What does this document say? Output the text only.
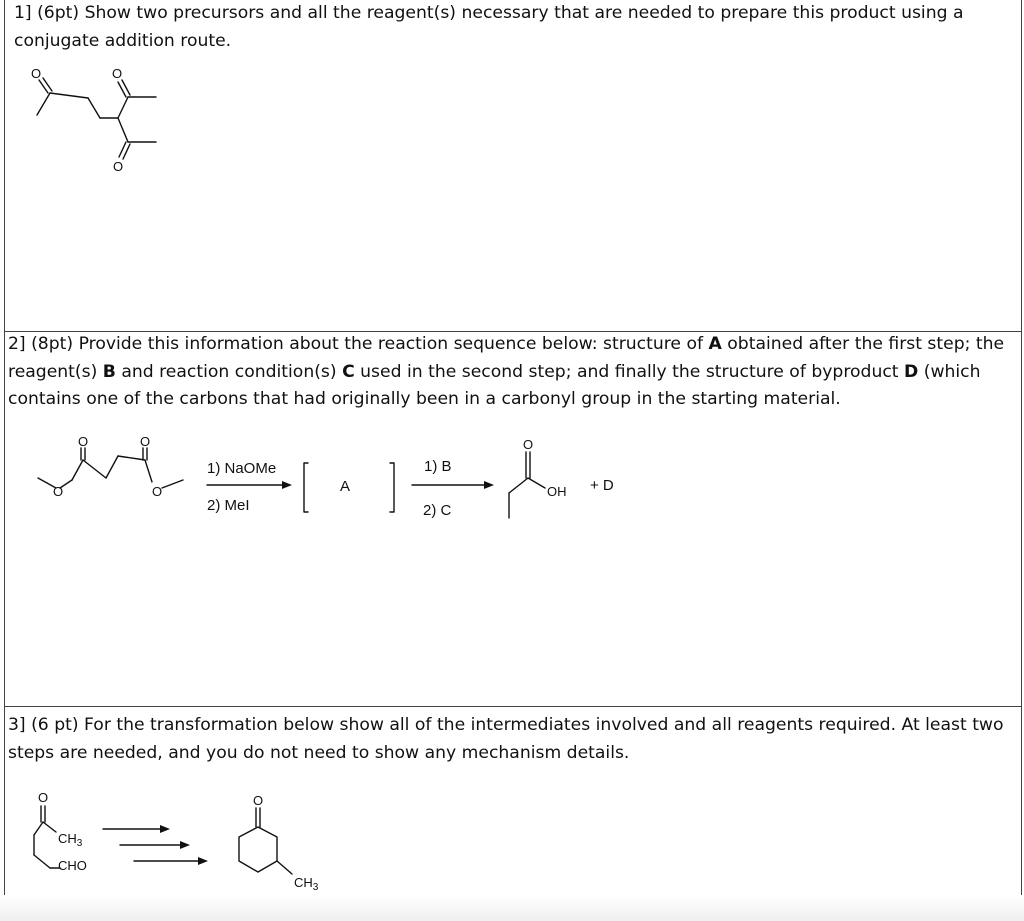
1] (6pt) Show two precursors and all the reagent(s) necessary that are needed to prepare this product using a conjugate addition route.
O	O
O
2] (8pt) Provide this information about the reaction sequence below: structure of A obtained after the first step; the reagent(s) B and reaction condition(s) C used in the second step; and finally the structure of byproduct D (which contains one of the carbons that had originally been in a carbonyl group in the starting material.
O
O	O
O
1) NaOMe
2) MeI
A
1) B
2) C
O
OH + D
3] (6 pt) For the transformation below show all of the intermediates involved and all reagents required. At least two steps are needed, and you do not need to show any mechanism details.
O
$CH_3$
CHO
O
$CH_3$
